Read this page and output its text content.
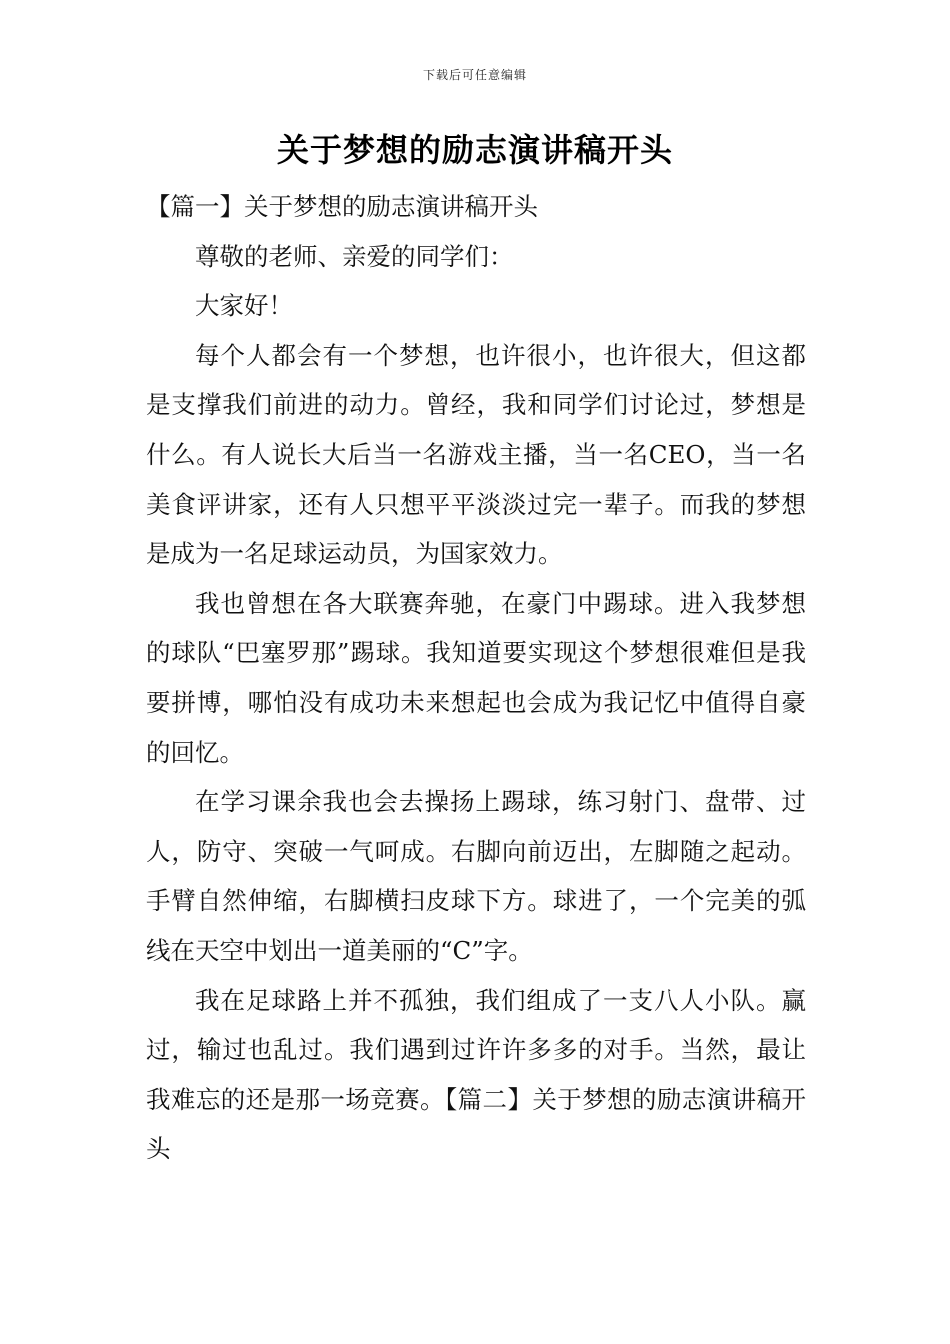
下载后可任意编辑
关于梦想的励志演讲稿开头

【篇一】关于梦想的励志演讲稿开头

尊敬的老师、亲爱的同学们：

大家好！

每个人都会有一个梦想，也许很小，也许很大，但这都是支撑我们前进的动力。曾经，我和同学们讨论过，梦想是什么。有人说长大后当一名游戏主播，当一名CEO，当一名美食评讲家，还有人只想平平淡淡过完一辈子。而我的梦想是成为一名足球运动员，为国家效力。

我也曾想在各大联赛奔驰，在豪门中踢球。进入我梦想的球队“巴塞罗那”踢球。我知道要实现这个梦想很难但是我要拼博，哪怕没有成功未来想起也会成为我记忆中值得自豪的回忆。

在学习课余我也会去操扬上踢球，练习射门、盘带、过人，防守、突破一气呵成。右脚向前迈出，左脚随之起动。手臂自然伸缩，右脚横扫皮球下方。球进了，一个完美的弧线在天空中划出一道美丽的“C”字。

我在足球路上并不孤独，我们组成了一支八人小队。赢过，输过也乱过。我们遇到过许许多多的对手。当然，最让我难忘的还是那一场竞赛。【篇二】关于梦想的励志演讲稿开头
